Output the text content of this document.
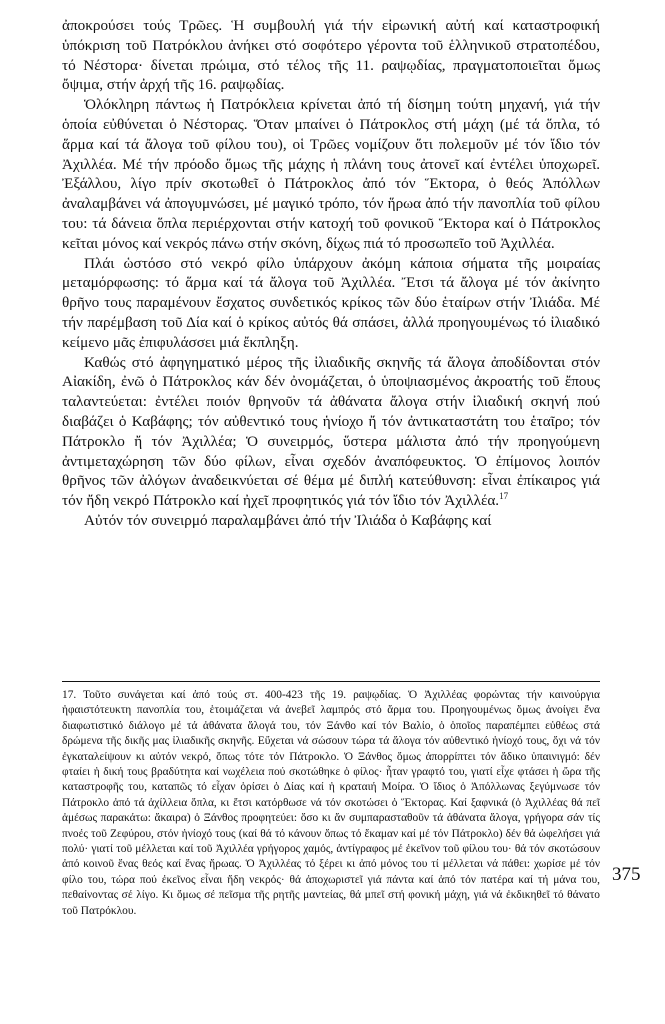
ἀποκρούσει τούς Τρῶες. Ἡ συμβουλή γιά τήν εἰρωνική αὐτή καί καταστροφική ὑπόκριση τοῦ Πατρόκλου ἀνήκει στό σοφότερο γέροντα τοῦ ἑλληνικοῦ στρατοπέδου, τό Νέστορα· δίνεται πρώιμα, στό τέλος τῆς 11. ραψῳδίας, πραγματοποιεῖται ὅμως ὄψιμα, στήν ἀρχή τῆς 16. ραψῳδίας.

Ὁλόκληρη πάντως ἡ Πατρόκλεια κρίνεται ἀπό τή δίσημη τούτη μηχανή, γιά τήν ὁποία εὐθύνεται ὁ Νέστορας. Ὅταν μπαίνει ὁ Πάτροκλος στή μάχη (μέ τά ὅπλα, τό ἅρμα καί τά ἄλογα τοῦ φίλου του), οἱ Τρῶες νομίζουν ὅτι πολεμοῦν μέ τόν ἴδιο τόν Ἀχιλλέα. Μέ τήν πρόοδο ὅμως τῆς μάχης ἡ πλάνη τους ἀτονεῖ καί ἐντέλει ὑποχωρεῖ. Ἐξάλλου, λίγο πρίν σκοτωθεῖ ὁ Πάτροκλος ἀπό τόν Ἕκτορα, ὁ θεός Ἀπόλλων ἀναλαμβάνει νά ἀπογυμνώσει, μέ μαγικό τρόπο, τόν ἥρωα ἀπό τήν πανοπλία τοῦ φίλου του: τά δάνεια ὅπλα περιέρχονται στήν κατοχή τοῦ φονικοῦ Ἕκτορα καί ὁ Πάτροκλος κεῖται μόνος καί νεκρός πάνω στήν σκόνη, δίχως πιά τό προσωπεῖο τοῦ Ἀχιλλέα.

Πλάι ὡστόσο στό νεκρό φίλο ὑπάρχουν ἀκόμη κάποια σήματα τῆς μοιραίας μεταμόρφωσης: τό ἅρμα καί τά ἄλογα τοῦ Ἀχιλλέα. Ἔτσι τά ἄλογα μέ τόν ἀκίνητο θρῆνο τους παραμένουν ἔσχατος συνδετικός κρίκος τῶν δύο ἑταίρων στήν Ἰλιάδα. Μέ τήν παρέμβαση τοῦ Δία καί ὁ κρίκος αὐτός θά σπάσει, ἀλλά προηγουμένως τό ἰλιαδικό κείμενο μᾶς ἐπιφυλάσσει μιά ἔκπληξη.

Καθώς στό ἀφηγηματικό μέρος τῆς ἰλιαδικῆς σκηνῆς τά ἄλογα ἀποδίδονται στόν Αἰακίδη, ἐνῶ ὁ Πάτροκλος κάν δέν ὀνομάζεται, ὁ ὑποψιασμένος ἀκροατής τοῦ ἔπους ταλαντεύεται: ἐντέλει ποιόν θρηνοῦν τά ἀθάνατα ἄλογα στήν ἰλιαδική σκηνή πού διαβάζει ὁ Καβάφης; τόν αὐθεντικό τους ἡνίοχο ἤ τόν ἀντικαταστάτη του ἑταῖρο; τόν Πάτροκλο ἤ τόν Ἀχιλλέα; Ὁ συνειρμός, ὕστερα μάλιστα ἀπό τήν προηγούμενη ἀντιμεταχώρηση τῶν δύο φίλων, εἶναι σχεδόν ἀναπόφευκτος. Ὁ ἐπίμονος λοιπόν θρῆνος τῶν ἀλόγων ἀναδεικνύεται σέ θέμα μέ διπλή κατεύθυνση: εἶναι ἐπίκαιρος γιά τόν ἤδη νεκρό Πάτροκλο καί ἠχεῖ προφητικός γιά τόν ἴδιο τόν Ἀχιλλέα.$^{17}$

Αὐτόν τόν συνειρμό παραλαμβάνει ἀπό τήν Ἰλιάδα ὁ Καβάφης καί

17. Τοῦτο συνάγεται καί ἀπό τούς στ. 400-423 τῆς 19. ραψῳδίας. Ὁ Ἀχιλλέας φορώντας τήν καινούργια ἡφαιστότευκτη πανοπλία του, ἑτοιμάζεται νά ἀνεβεῖ λαμπρός στό ἅρμα του. Προηγουμένως ὅμως ἀνοίγει ἕνα διαφωτιστικό διάλογο μέ τά ἀθάνατα ἄλογά του, τόν Ξάνθο καί τόν Βαλίο, ὁ ὁποῖος παραπέμπει εὐθέως στά δρώμενα τῆς δικῆς μας ἰλιαδικῆς σκηνῆς. Εὔχεται νά σώσουν τώρα τά ἄλογα τόν αὐθεντικό ἡνίοχό τους, ὄχι νά τόν ἐγκαταλείψουν κι αὐτόν νεκρό, ὅπως τότε τόν Πάτροκλο. Ὁ Ξάνθος ὅμως ἀπορρίπτει τόν ἄδικο ὑπαινιγμό: δέν φταίει ἡ δική τους βραδύτητα καί νωχέλεια πού σκοτώθηκε ὁ φίλος· ἦταν γραφτό του, γιατί εἶχε φτάσει ἡ ὥρα τῆς καταστροφῆς του, καταπῶς τό εἶχαν ὁρίσει ὁ Δίας καί ἡ κραταιή Μοίρα. Ὁ ἴδιος ὁ Ἀπόλλωνας ξεγύμνωσε τόν Πάτροκλο ἀπό τά ἀχίλλεια ὅπλα, κι ἔτσι κατόρθωσε νά τόν σκοτώσει ὁ Ἕκτορας. Καί ξαφνικά (ὁ Ἀχιλλέας θά πεῖ ἀμέσως παρακάτω: ἄκαιρα) ὁ Ξάνθος προφητεύει: ὅσο κι ἄν συμπαρασταθοῦν τά ἀθάνατα ἄλογα, γρήγορα σάν τίς πνοές τοῦ Ζεφύρου, στόν ἡνίοχό τους (καί θά τό κάνουν ὅπως τό ἔκαμαν καί μέ τόν Πάτροκλο) δέν θά ὠφελήσει γιά πολύ· γιατί τοῦ μέλλεται καί τοῦ Ἀχιλλέα γρήγορος χαμός, ἀντίγραφος μέ ἐκεῖνον τοῦ φίλου του· θά τόν σκοτώσουν ἀπό κοινοῦ ἕνας θεός καί ἕνας ἥρωας. Ὁ Ἀχιλλέας τό ξέρει κι ἀπό μόνος του τί μέλλεται νά πάθει: χωρίσε μέ τόν φίλο του, τώρα πού ἐκεῖνος εἶναι ἤδη νεκρός· θά ἀποχωριστεῖ γιά πάντα καί ἀπό τόν πατέρα καί τή μάνα του, πεθαίνοντας σέ λίγο. Κι ὅμως σέ πεῖσμα τῆς ρητῆς μαντείας, θά μπεῖ στή φονική μάχη, γιά νά ἐκδικηθεῖ τό θάνατο τοῦ Πατρόκλου.

375
